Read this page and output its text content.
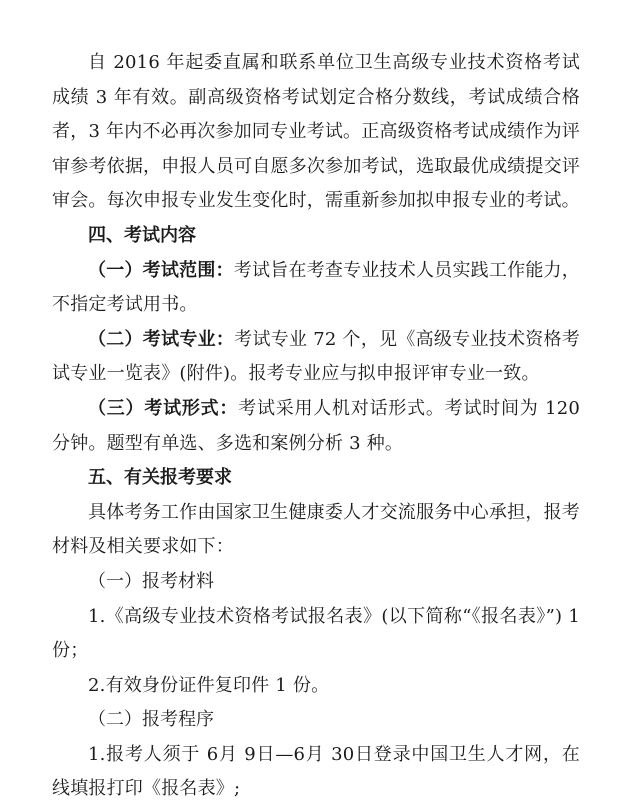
自 2016 年起委直属和联系单位卫生高级专业技术资格考试成绩 3 年有效。副高级资格考试划定合格分数线，考试成绩合格者，3 年内不必再次参加同专业考试。正高级资格考试成绩作为评审参考依据，申报人员可自愿多次参加考试，选取最优成绩提交评审会。每次申报专业发生变化时，需重新参加拟申报专业的考试。

四、考试内容

（一）考试范围：考试旨在考查专业技术人员实践工作能力，不指定考试用书。

（二）考试专业：考试专业 72 个，见《高级专业技术资格考试专业一览表》(附件)。报考专业应与拟申报评审专业一致。

（三）考试形式：考试采用人机对话形式。考试时间为 120 分钟。题型有单选、多选和案例分析 3 种。

五、有关报考要求

具体考务工作由国家卫生健康委人才交流服务中心承担，报考材料及相关要求如下：

（一）报考材料

1.《高级专业技术资格考试报名表》(以下简称“《报名表》”) 1 份；

2.有效身份证件复印件 1 份。

（二）报考程序

1.报考人须于 6月 9日—6月 30日登录中国卫生人才网，在线填报打印《报名表》;
